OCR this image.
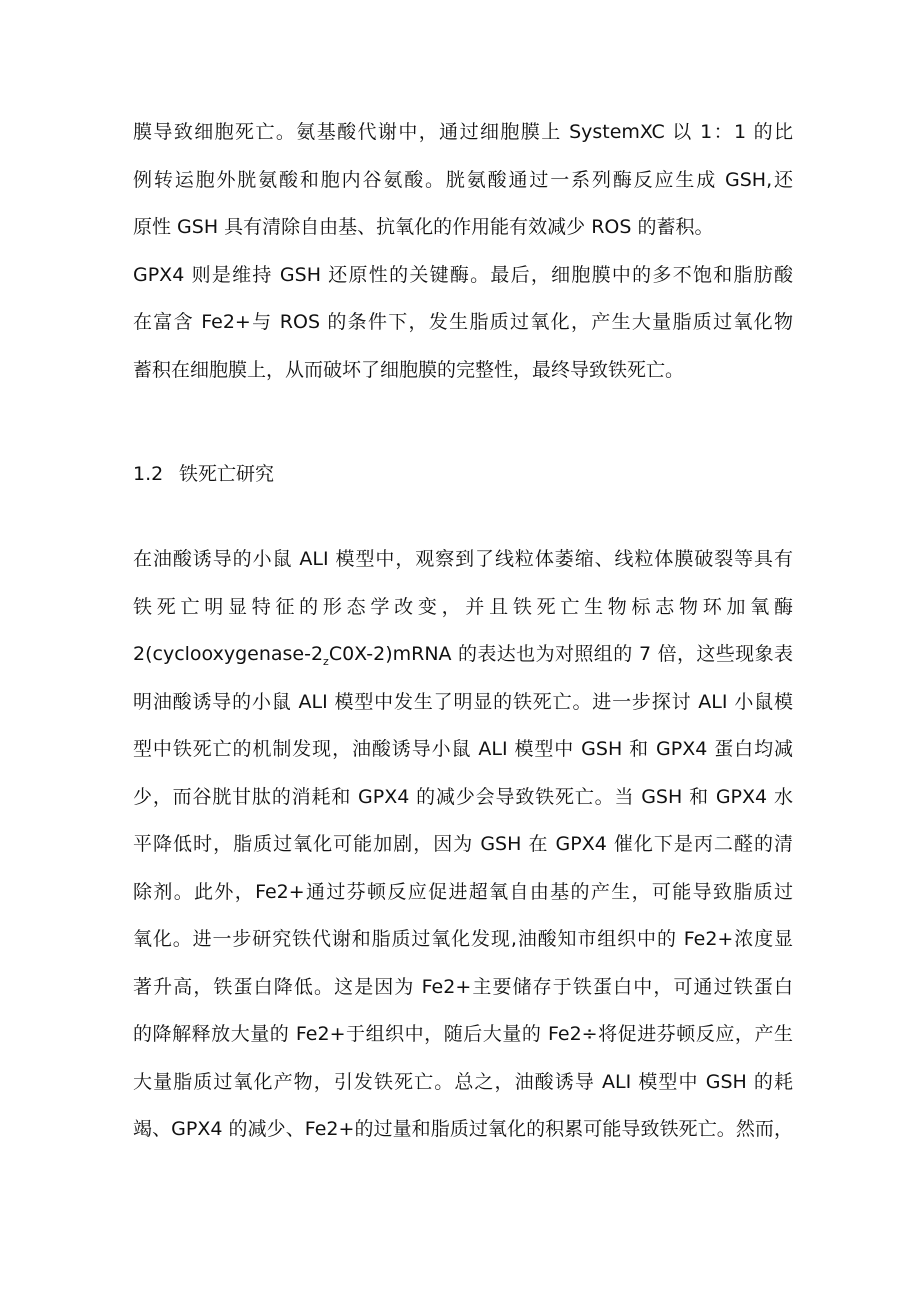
膜导致细胞死亡。氨基酸代谢中，通过细胞膜上 SystemXC 以 1：1 的比
例转运胞外胱氨酸和胞内谷氨酸。胱氨酸通过一系列酶反应生成 GSH,还
原性 GSH 具有清除自由基、抗氧化的作用能有效减少 ROS 的蓄积。
GPX4 则是维持 GSH 还原性的关键酶。最后，细胞膜中的多不饱和脂肪酸
在富含 Fe2+与 ROS 的条件下，发生脂质过氧化，产生大量脂质过氧化物
蓄积在细胞膜上，从而破坏了细胞膜的完整性，最终导致铁死亡。
1.2 铁死亡研究
在油酸诱导的小鼠 ALI 模型中，观察到了线粒体萎缩、线粒体膜破裂等具有
铁死亡明显特征的形态学改变，并且铁死亡生物标志物环加氧酶
$2(cyclooxygenase-2_zC0X-2)mRNA$ 的表达也为对照组的 7 倍，这些现象表
明油酸诱导的小鼠 ALI 模型中发生了明显的铁死亡。进一步探讨 ALI 小鼠模
型中铁死亡的机制发现，油酸诱导小鼠 ALI 模型中 GSH 和 GPX4 蛋白均减
少，而谷胱甘肽的消耗和 GPX4 的减少会导致铁死亡。当 GSH 和 GPX4 水
平降低时，脂质过氧化可能加剧，因为 GSH 在 GPX4 催化下是丙二醛的清
除剂。此外，Fe2+通过芬顿反应促进超氧自由基的产生，可能导致脂质过
氧化。进一步研究铁代谢和脂质过氧化发现,油酸知市组织中的 Fe2+浓度显
著升高，铁蛋白降低。这是因为 Fe2+主要储存于铁蛋白中，可通过铁蛋白
的降解释放大量的 Fe2+于组织中，随后大量的 Fe2÷将促进芬顿反应，产生
大量脂质过氧化产物，引发铁死亡。总之，油酸诱导 ALI 模型中 GSH 的耗
竭、GPX4 的减少、Fe2+的过量和脂质过氧化的积累可能导致铁死亡。然而，
